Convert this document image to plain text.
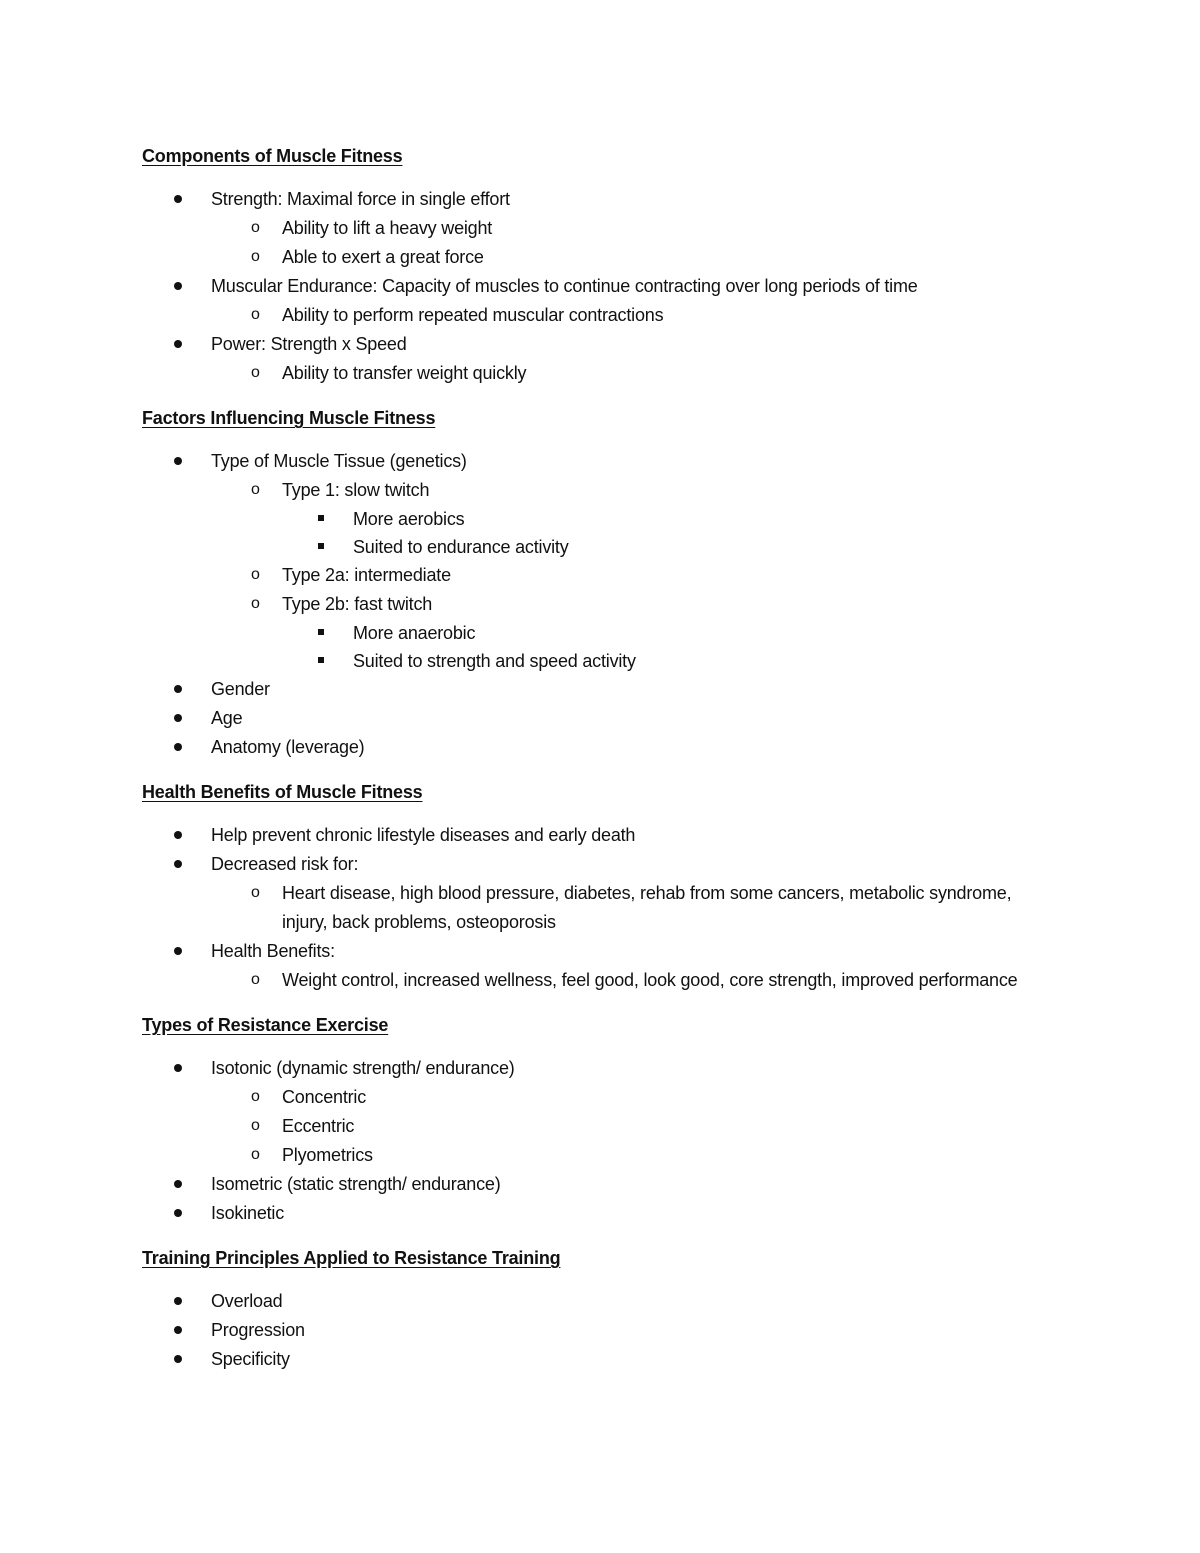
Components of Muscle Fitness
Strength: Maximal force in single effort
o Ability to lift a heavy weight
o Able to exert a great force
Muscular Endurance: Capacity of muscles to continue contracting over long periods of time
o Ability to perform repeated muscular contractions
Power: Strength x Speed
o Ability to transfer weight quickly
Factors Influencing Muscle Fitness
Type of Muscle Tissue (genetics)
o Type 1: slow twitch
More aerobics
Suited to endurance activity
o Type 2a: intermediate
o Type 2b: fast twitch
More anaerobic
Suited to strength and speed activity
Gender
Age
Anatomy (leverage)
Health Benefits of Muscle Fitness
Help prevent chronic lifestyle diseases and early death
Decreased risk for:
o Heart disease, high blood pressure, diabetes, rehab from some cancers, metabolic syndrome, injury, back problems, osteoporosis
Health Benefits:
o Weight control, increased wellness, feel good, look good, core strength, improved performance
Types of Resistance Exercise
Isotonic (dynamic strength/ endurance)
o Concentric
o Eccentric
o Plyometrics
Isometric (static strength/ endurance)
Isokinetic
Training Principles Applied to Resistance Training
Overload
Progression
Specificity
